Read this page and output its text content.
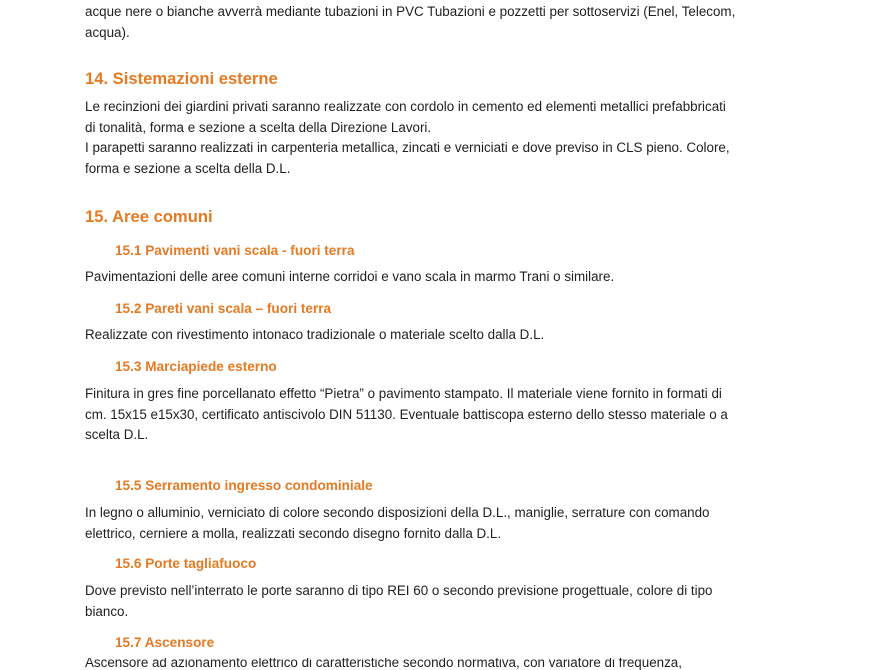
acque nere o bianche avverrà mediante tubazioni in PVC Tubazioni e pozzetti per sottoservizi (Enel, Telecom,
acqua).

14. Sistemazioni esterne

Le recinzioni dei giardini privati saranno realizzate con cordolo in cemento ed elementi metallici prefabbricati
di tonalità, forma e sezione a scelta della Direzione Lavori.
I parapetti saranno realizzati in carpenteria metallica, zincati e verniciati e dove previso in CLS pieno. Colore,
forma e sezione a scelta della D.L.

15. Aree comuni
15.1 Pavimenti vani scala - fuori terra

Pavimentazioni delle aree comuni interne corridoi e vano scala in marmo Trani o similare.

15.2 Pareti vani scala – fuori terra

Realizzate con rivestimento intonaco tradizionale o materiale scelto dalla D.L.

15.3 Marciapiede esterno

Finitura in gres fine porcellanato effetto “Pietra” o pavimento stampato. Il materiale viene fornito in formati di
cm. 15x15 e15x30, certificato antiscivolo DIN 51130. Eventuale battiscopa esterno dello stesso materiale o a
scelta D.L.

15.5 Serramento ingresso condominiale

In legno o alluminio, verniciato di colore secondo disposizioni della D.L., maniglie, serrature con comando
elettrico, cerniere a molla, realizzati secondo disegno fornito dalla D.L.

15.6 Porte tagliafuoco

Dove previsto nell’interrato le porte saranno di tipo REI 60 o secondo previsione progettuale, colore di tipo
bianco.

15.7 Ascensore

Ascensore ad azionamento elettrico di caratteristiche secondo normativa, con variatore di frequenza,
